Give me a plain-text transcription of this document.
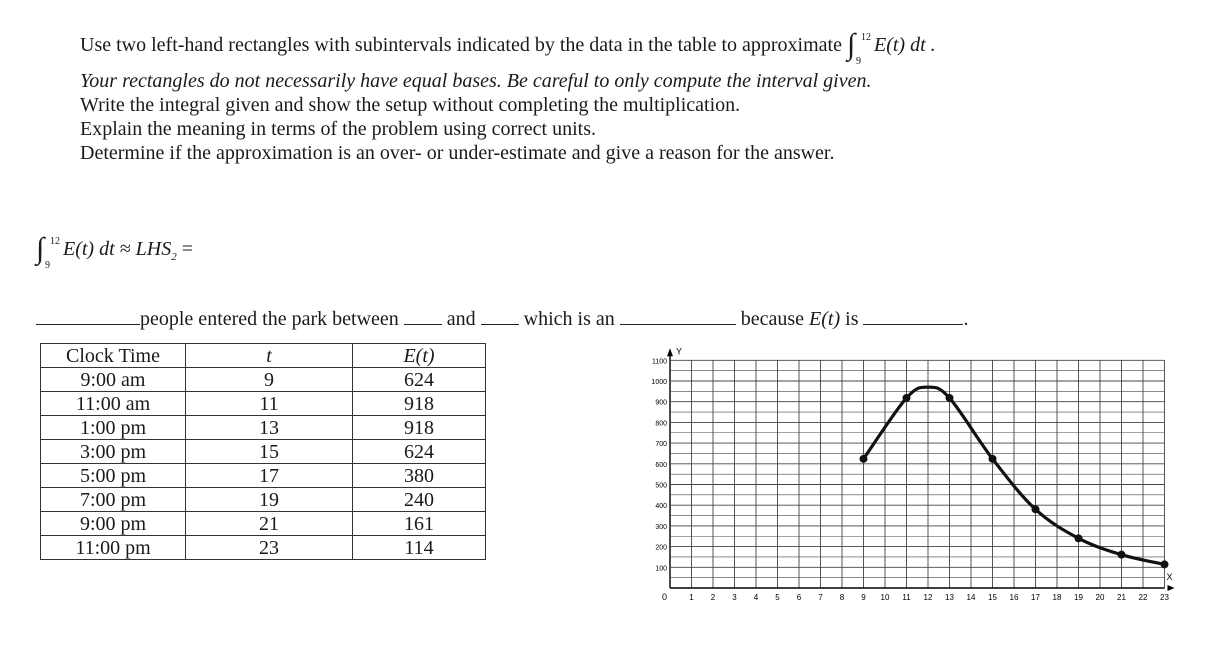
Use two left-hand rectangles with subintervals indicated by the data in the table to approximate ∫ 12
9
E(t) dt .
Your rectangles do not necessarily have equal bases. Be careful to only compute the interval given.
Write the integral given and show the setup without completing the multiplication.
Explain the meaning in terms of the problem using correct units.
Determine if the approximation is an over- or under-estimate and give a reason for the answer.
∫ 12
9
E(t) dt ≈ $LHS_2$ =
people entered the park between and which is an	because E(t) is	.
Clock Time	t	E(t)
9:00 am	9	624
11:00 am	11	918
1:00 pm	13	918
3:00 pm	15	624
5:00 pm	17	380
7:00 pm	19	240
9:00 pm	21	161
11:00 pm	23	114
Y
X
0	1 2 3 4 5 6 7 8 9 10 11 12 13 14 15 16 17 18 19 20 21 22 23
100
200
300
400
500
600
700
800
900
1000
1100
